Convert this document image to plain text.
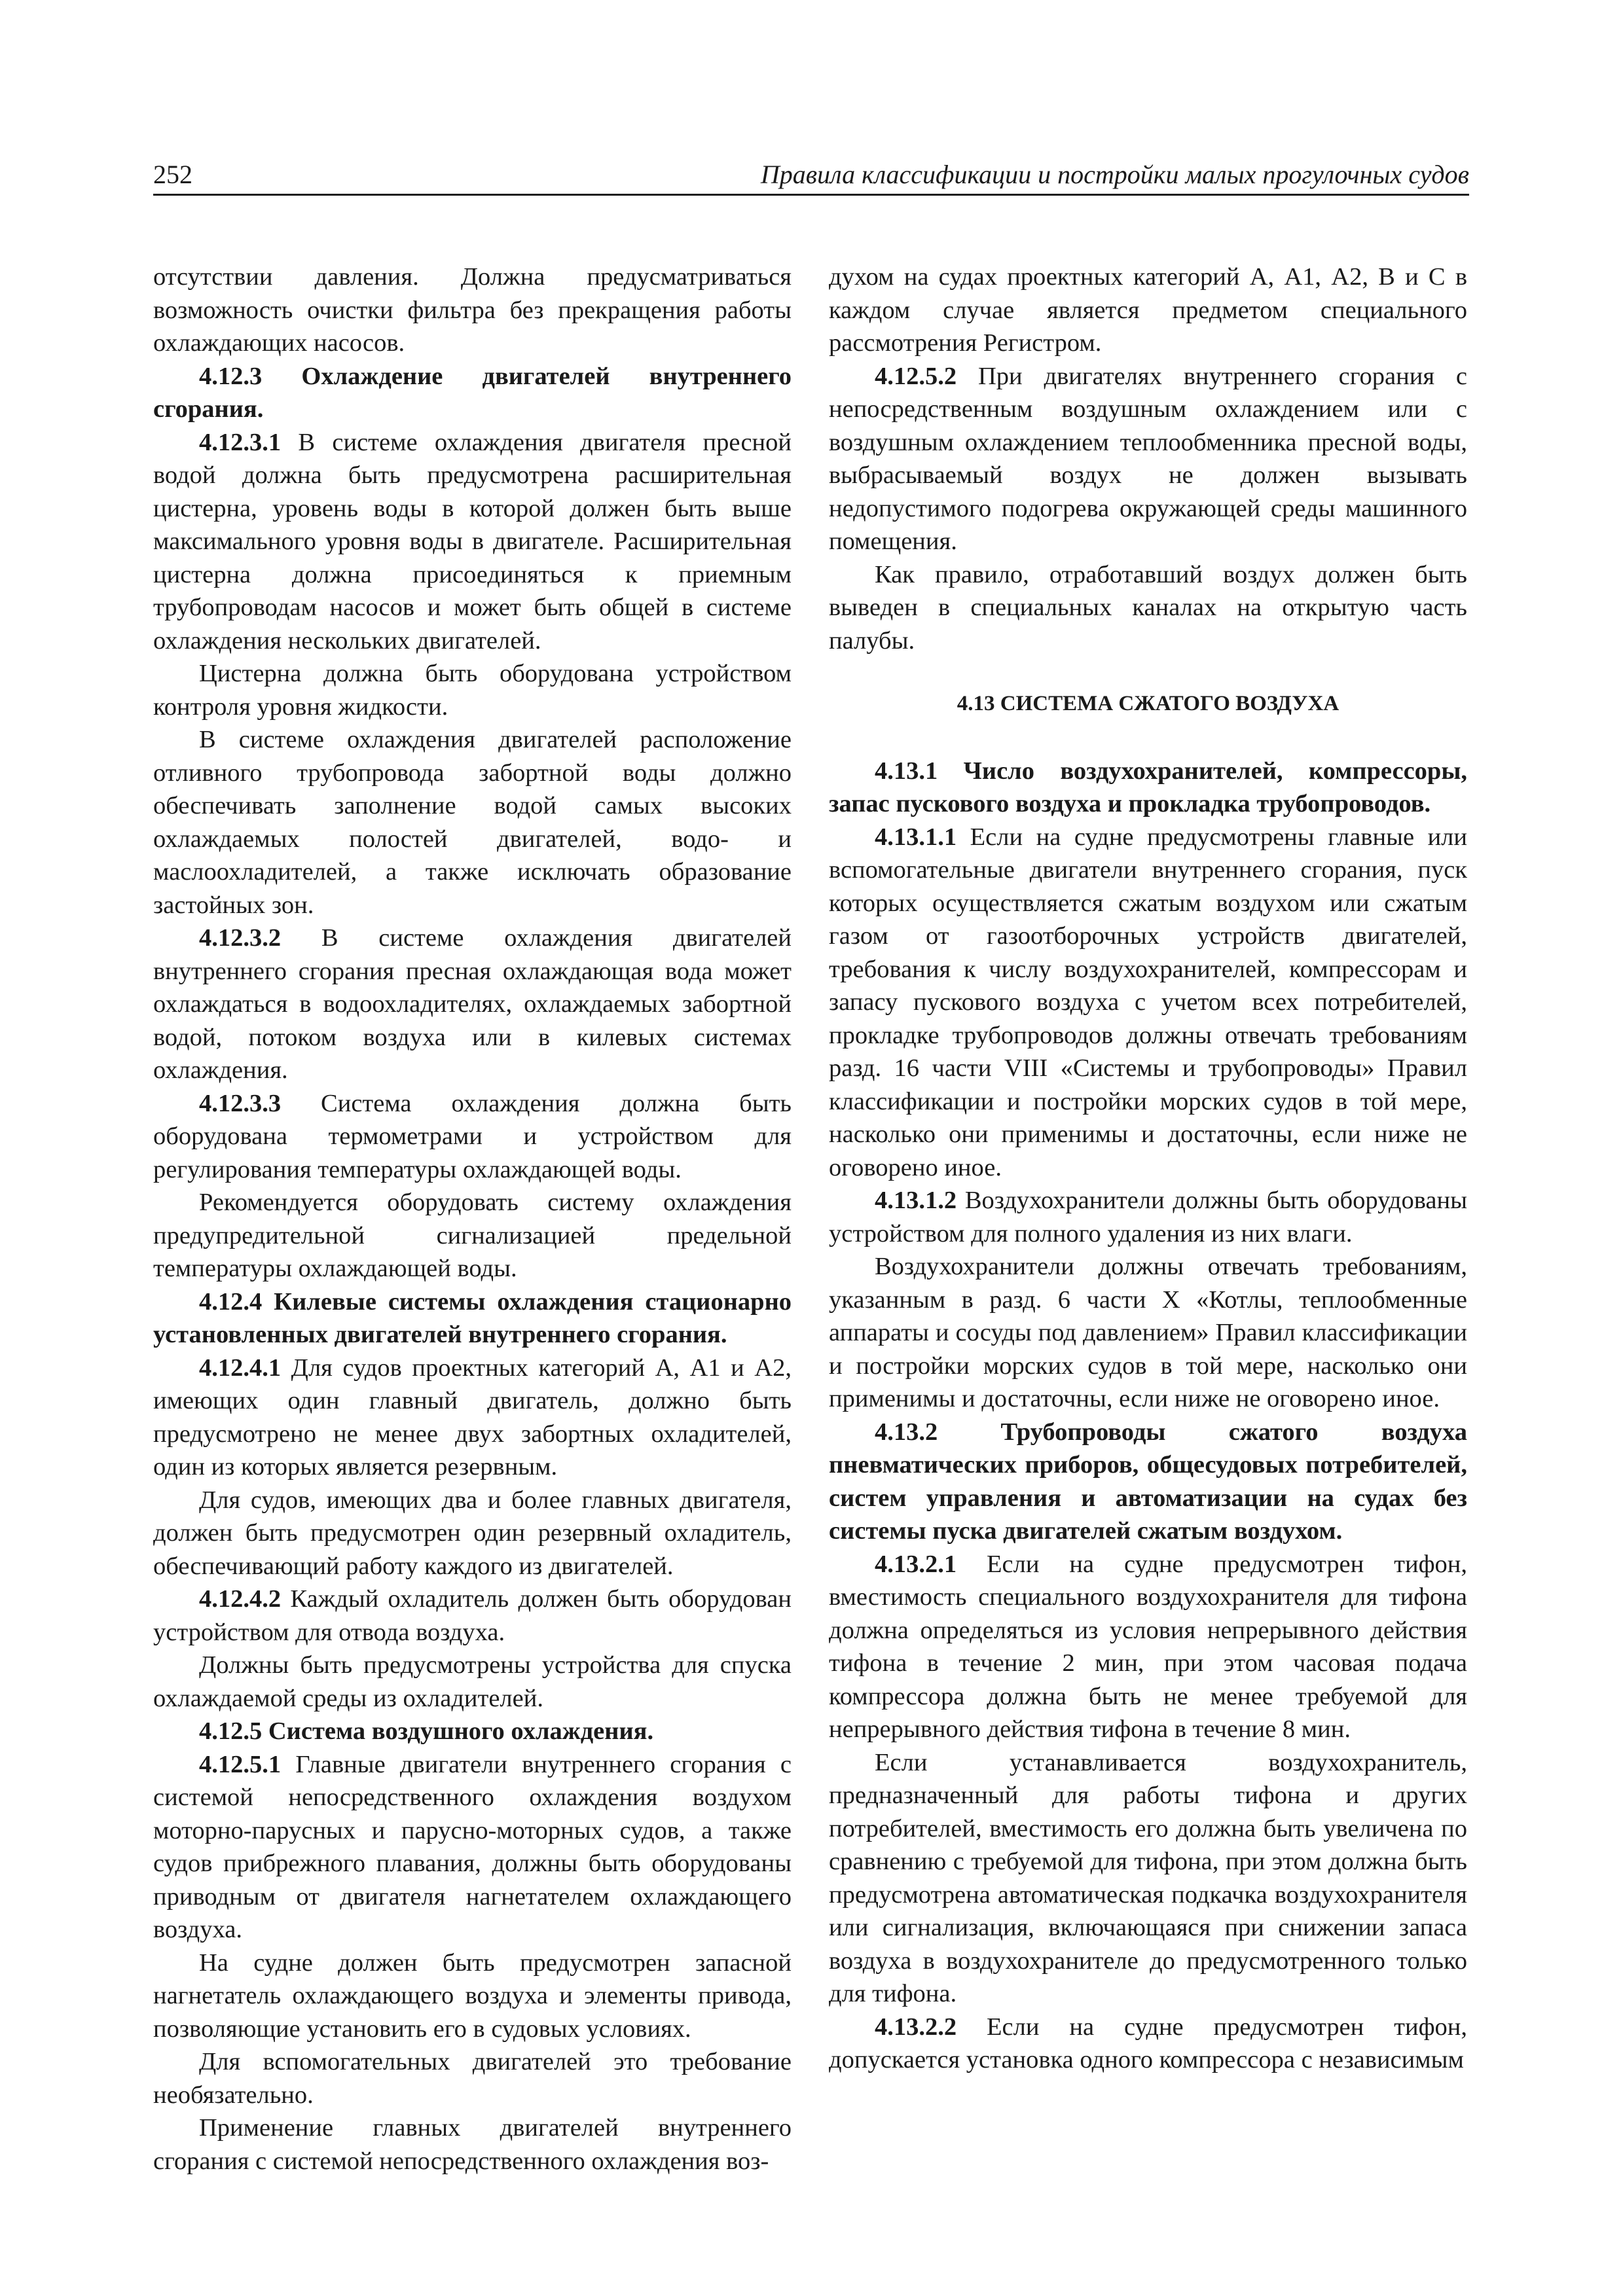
252	Правила классификации и постройки малых прогулочных судов

отсутствии давления. Должна предусматриваться возможность очистки фильтра без прекращения работы охлаждающих насосов.

4.12.3 Охлаждение двигателей внутреннего сгорания.

4.12.3.1 В системе охлаждения двигателя пресной водой должна быть предусмотрена расширительная цистерна, уровень воды в которой должен быть выше максимального уровня воды в двигателе. Расширительная цистерна должна присоединяться к приемным трубопроводам насосов и может быть общей в системе охлаждения нескольких двигателей.

Цистерна должна быть оборудована устройством контроля уровня жидкости.

В системе охлаждения двигателей расположение отливного трубопровода забортной воды должно обеспечивать заполнение водой самых высоких охлаждаемых полостей двигателей, водо- и маслоохладителей, а также исключать образование застойных зон.

4.12.3.2 В системе охлаждения двигателей внутреннего сгорания пресная охлаждающая вода может охлаждаться в водоохладителях, охлаждаемых забортной водой, потоком воздуха или в килевых системах охлаждения.

4.12.3.3 Система охлаждения должна быть оборудована термометрами и устройством для регулирования температуры охлаждающей воды.

Рекомендуется оборудовать систему охлаждения предупредительной сигнализацией предельной температуры охлаждающей воды.

4.12.4 Килевые системы охлаждения стационарно установленных двигателей внутреннего сгорания.

4.12.4.1 Для судов проектных категорий А, А1 и А2, имеющих один главный двигатель, должно быть предусмотрено не менее двух забортных охладителей, один из которых является резервным.

Для судов, имеющих два и более главных двигателя, должен быть предусмотрен один резервный охладитель, обеспечивающий работу каждого из двигателей.

4.12.4.2 Каждый охладитель должен быть оборудован устройством для отвода воздуха.

Должны быть предусмотрены устройства для спуска охлаждаемой среды из охладителей.

4.12.5 Система воздушного охлаждения.

4.12.5.1 Главные двигатели внутреннего сгорания с системой непосредственного охлаждения воздухом моторно-парусных и парусно-моторных судов, а также судов прибрежного плавания, должны быть оборудованы приводным от двигателя нагнетателем охлаждающего воздуха.

На судне должен быть предусмотрен запасной нагнетатель охлаждающего воздуха и элементы привода, позволяющие установить его в судовых условиях.

Для вспомогательных двигателей это требование необязательно.

Применение главных двигателей внутреннего сгорания с системой непосредственного охлаждения воз-

духом на судах проектных категорий А, А1, А2, В и С в каждом случае является предметом специального рассмотрения Регистром.

4.12.5.2 При двигателях внутреннего сгорания с непосредственным воздушным охлаждением или с воздушным охлаждением теплообменника пресной воды, выбрасываемый воздух не должен вызывать недопустимого подогрева окружающей среды машинного помещения.

Как правило, отработавший воздух должен быть выведен в специальных каналах на открытую часть палубы.

4.13 СИСТЕМА СЖАТОГО ВОЗДУХА

4.13.1 Число воздухохранителей, компрессоры, запас пускового воздуха и прокладка трубопроводов.

4.13.1.1 Если на судне предусмотрены главные или вспомогательные двигатели внутреннего сгорания, пуск которых осуществляется сжатым воздухом или сжатым газом от газоотборочных устройств двигателей, требования к числу воздухохранителей, компрессорам и запасу пускового воздуха с учетом всех потребителей, прокладке трубопроводов должны отвечать требованиям разд. 16 части VIII «Системы и трубопроводы» Правил классификации и постройки морских судов в той мере, насколько они применимы и достаточны, если ниже не оговорено иное.

4.13.1.2 Воздухохранители должны быть оборудованы устройством для полного удаления из них влаги.

Воздухохранители должны отвечать требованиям, указанным в разд. 6 части X «Котлы, теплообменные аппараты и сосуды под давлением» Правил классификации и постройки морских судов в той мере, насколько они применимы и достаточны, если ниже не оговорено иное.

4.13.2 Трубопроводы сжатого воздуха пневматических приборов, общесудовых потребителей, систем управления и автоматизации на судах без системы пуска двигателей сжатым воздухом.

4.13.2.1 Если на судне предусмотрен тифон, вместимость специального воздухохранителя для тифона должна определяться из условия непрерывного действия тифона в течение 2 мин, при этом часовая подача компрессора должна быть не менее требуемой для непрерывного действия тифона в течение 8 мин.

Если устанавливается воздухохранитель, предназначенный для работы тифона и других потребителей, вместимость его должна быть увеличена по сравнению с требуемой для тифона, при этом должна быть предусмотрена автоматическая подкачка воздухохранителя или сигнализация, включающаяся при снижении запаса воздуха в воздухохранителе до предусмотренного только для тифона.

4.13.2.2 Если на судне предусмотрен тифон, допускается установка одного компрессора с независимым
